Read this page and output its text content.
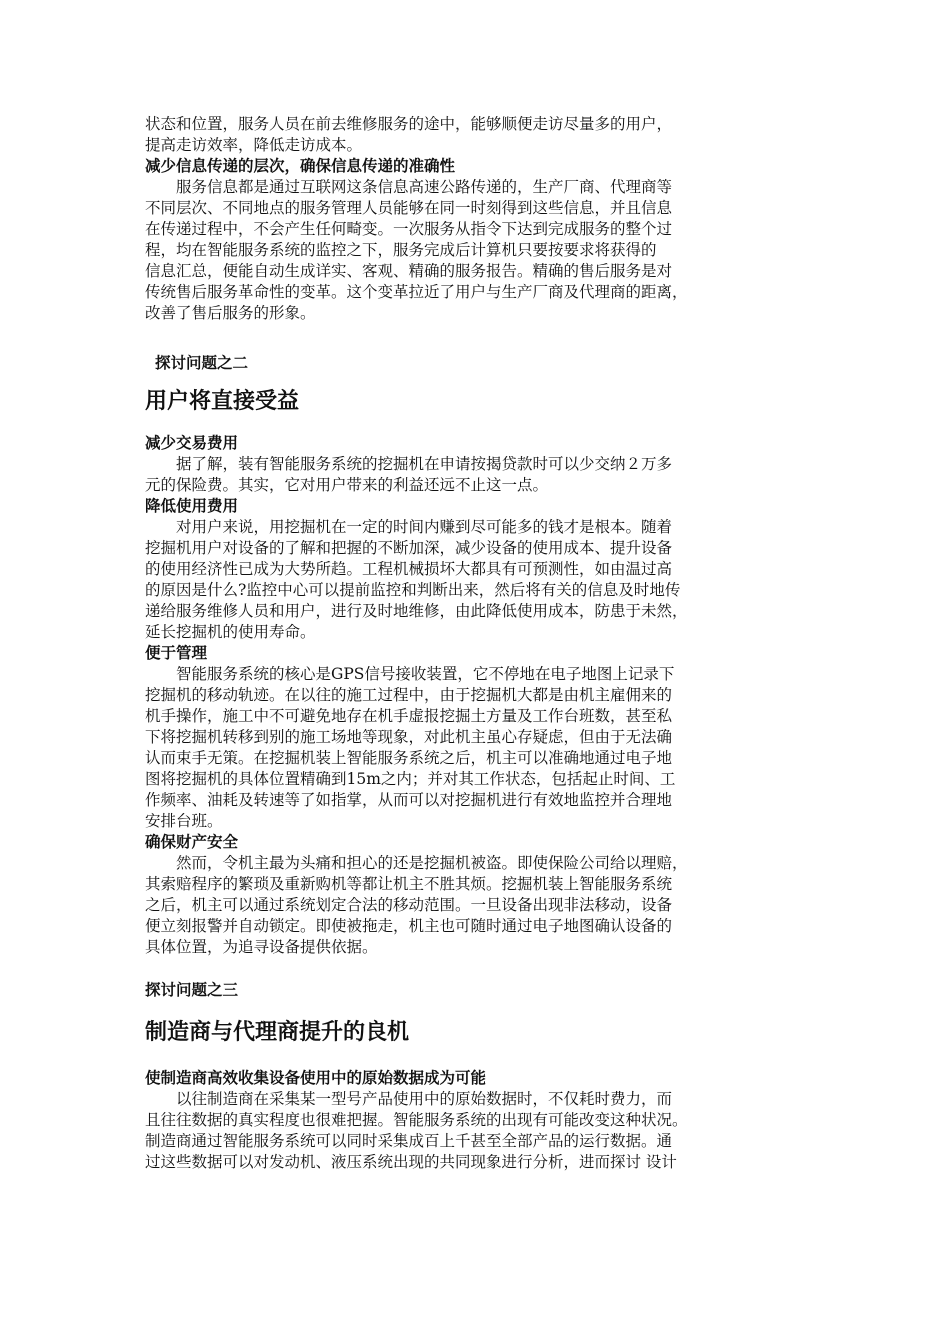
状态和位置，服务人员在前去维修服务的途中，能够顺便走访尽量多的用户，
提高走访效率，降低走访成本。

减少信息传递的层次，确保信息传递的准确性

服务信息都是通过互联网这条信息高速公路传递的，生产厂商、代理商等
不同层次、不同地点的服务管理人员能够在同一时刻得到这些信息，并且信息
在传递过程中，不会产生任何畸变。一次服务从指令下达到完成服务的整个过
程，均在智能服务系统的监控之下，服务完成后计算机只要按要求将获得的
信息汇总，便能自动生成详实、客观、精确的服务报告。精确的售后服务是对
传统售后服务革命性的变革。这个变革拉近了用户与生产厂商及代理商的距离，
改善了售后服务的形象。

探讨问题之二
用户将直接受益
减少交易费用

据了解，装有智能服务系统的挖掘机在申请按揭贷款时可以少交纳２万多
元的保险费。其实，它对用户带来的利益还远不止这一点。

降低使用费用

对用户来说，用挖掘机在一定的时间内赚到尽可能多的钱才是根本。随着
挖掘机用户对设备的了解和把握的不断加深，减少设备的使用成本、提升设备
的使用经济性已成为大势所趋。工程机械损坏大都具有可预测性，如由温过高
的原因是什么?监控中心可以提前监控和判断出来，然后将有关的信息及时地传
递给服务维修人员和用户，进行及时地维修，由此降低使用成本，防患于未然，
延长挖掘机的使用寿命。

便于管理

智能服务系统的核心是GPS信号接收装置，它不停地在电子地图上记录下
挖掘机的移动轨迹。在以往的施工过程中，由于挖掘机大都是由机主雇佣来的
机手操作，施工中不可避免地存在机手虚报挖掘土方量及工作台班数，甚至私
下将挖掘机转移到别的施工场地等现象，对此机主虽心存疑虑，但由于无法确
认而束手无策。在挖掘机装上智能服务系统之后，机主可以准确地通过电子地
图将挖掘机的具体位置精确到15m之内；并对其工作状态，包括起止时间、工
作频率、油耗及转速等了如指掌，从而可以对挖掘机进行有效地监控并合理地
安排台班。

确保财产安全

然而，令机主最为头痛和担心的还是挖掘机被盗。即使保险公司给以理赔，
其索赔程序的繁琐及重新购机等都让机主不胜其烦。挖掘机装上智能服务系统
之后，机主可以通过系统划定合法的移动范围。一旦设备出现非法移动，设备
便立刻报警并自动锁定。即使被拖走，机主也可随时通过电子地图确认设备的
具体位置，为追寻设备提供依据。

探讨问题之三
制造商与代理商提升的良机
使制造商高效收集设备使用中的原始数据成为可能

以往制造商在采集某一型号产品使用中的原始数据时，不仅耗时费力，而
且往往数据的真实程度也很难把握。智能服务系统的出现有可能改变这种状况。
制造商通过智能服务系统可以同时采集成百上千甚至全部产品的运行数据。通
过这些数据可以对发动机、液压系统出现的共同现象进行分析，进而探讨 设计
